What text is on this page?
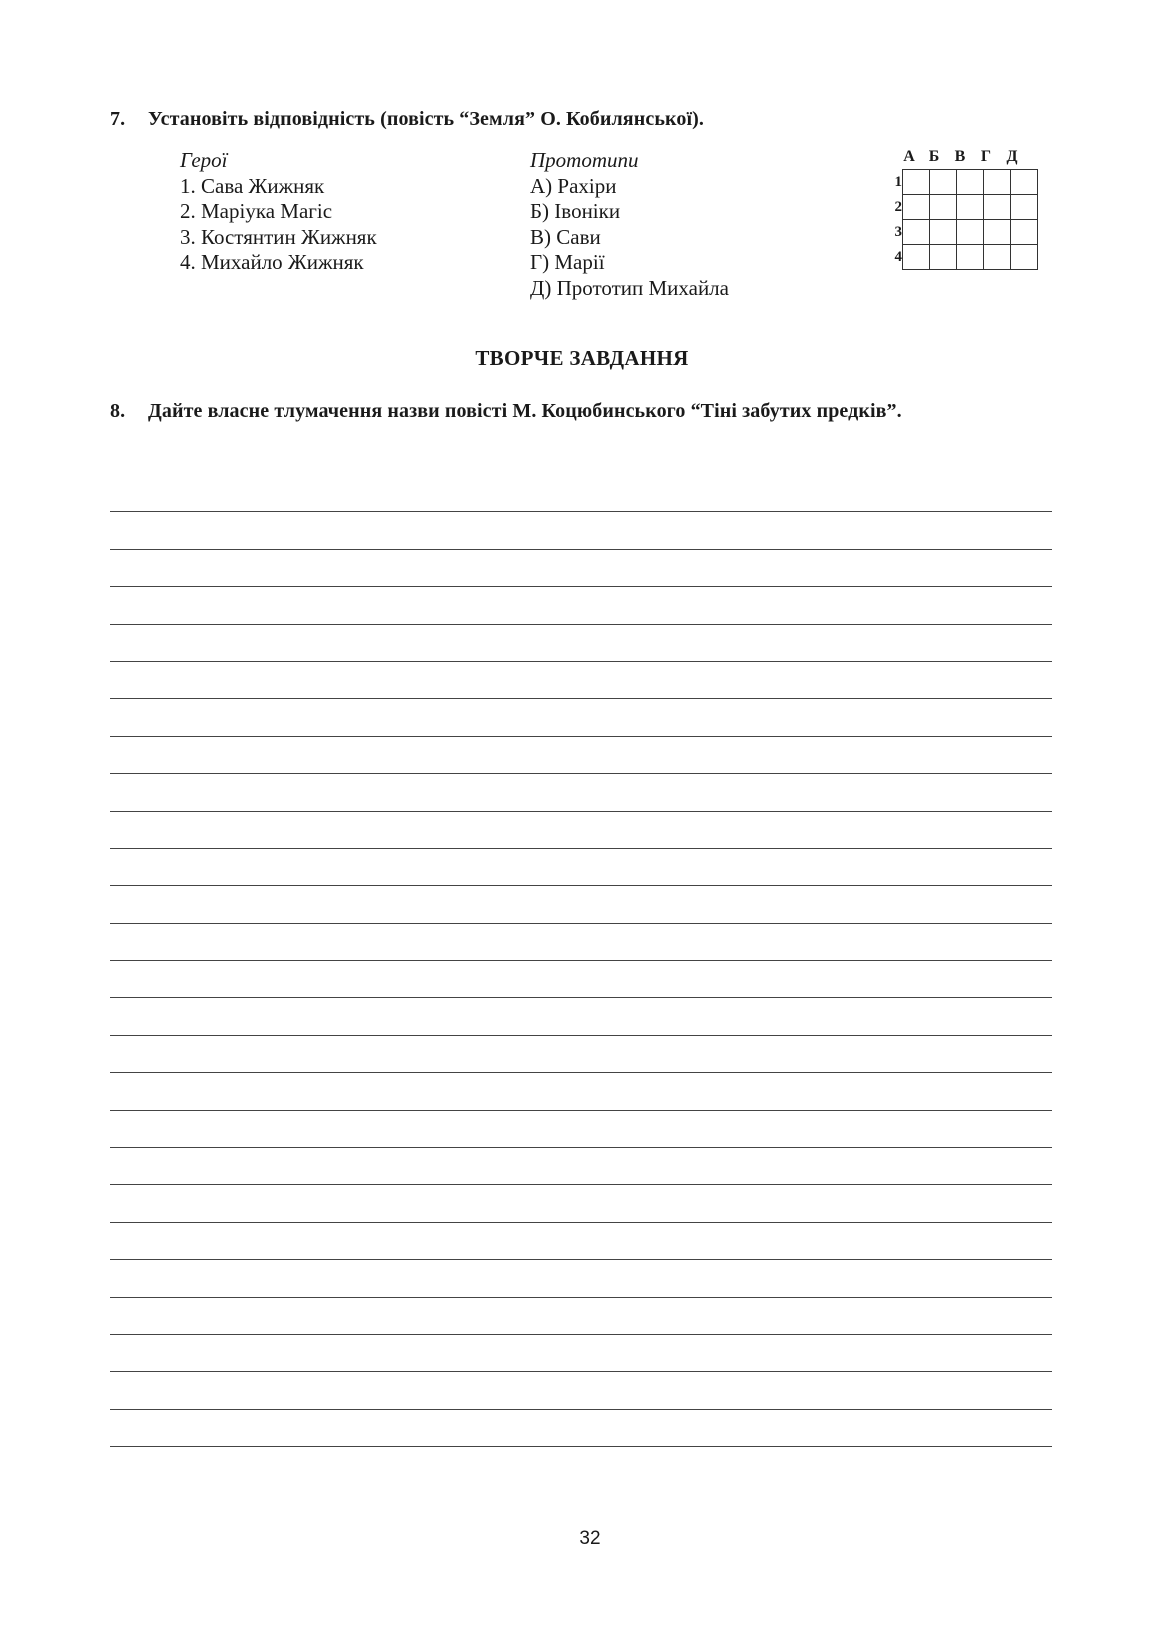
7. Установіть відповідність (повість “Земля” О. Кобилянської).
Герої
1. Сава Жижняк
2. Маріука Магіс
3. Костянтин Жижняк
4. Михайло Жижняк
Прототипи
А) Рахіри
Б) Івоніки
В) Сави
Г) Марії
Д) Прототип Михайла
А Б В Г Д
1
2
3
4
ТВОРЧЕ ЗАВДАННЯ
8. Дайте власне тлумачення назви повісті М. Коцюбинського “Тіні забутих предків”.
32
